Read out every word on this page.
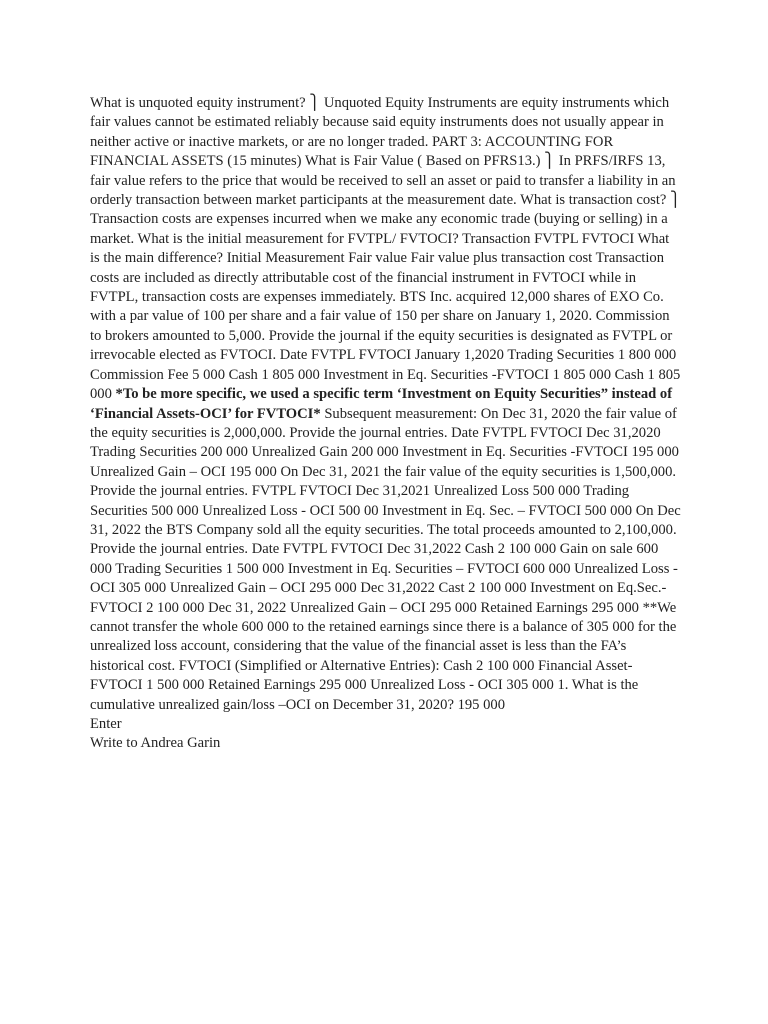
What is unquoted equity instrument? ⎫ Unquoted Equity Instruments are equity instruments which fair values cannot be estimated reliably because said equity instruments does not usually appear in neither active or inactive markets, or are no longer traded. PART 3: ACCOUNTING FOR FINANCIAL ASSETS (15 minutes) What is Fair Value ( Based on PFRS13.) ⎫ In PRFS/IRFS 13, fair value refers to the price that would be received to sell an asset or paid to transfer a liability in an orderly transaction between market participants at the measurement date. What is transaction cost? ⎫ Transaction costs are expenses incurred when we make any economic trade (buying or selling) in a market. What is the initial measurement for FVTPL/ FVTOCI? Transaction FVTPL FVTOCI What is the main difference? Initial Measurement Fair value Fair value plus transaction cost Transaction costs are included as directly attributable cost of the financial instrument in FVTOCI while in FVTPL, transaction costs are expenses immediately. BTS Inc. acquired 12,000 shares of EXO Co. with a par value of 100 per share and a fair value of 150 per share on January 1, 2020. Commission to brokers amounted to 5,000. Provide the journal if the equity securities is designated as FVTPL or irrevocable elected as FVTOCI. Date FVTPL FVTOCI January 1,2020 Trading Securities 1 800 000 Commission Fee 5 000 Cash 1 805 000 Investment in Eq. Securities -FVTOCI 1 805 000 Cash 1 805 000 *To be more specific, we used a specific term ‘Investment on Equity Securities” instead of ‘Financial Assets-OCI’ for FVTOCI* Subsequent measurement: On Dec 31, 2020 the fair value of the equity securities is 2,000,000. Provide the journal entries. Date FVTPL FVTOCI Dec 31,2020 Trading Securities 200 000 Unrealized Gain 200 000 Investment in Eq. Securities -FVTOCI 195 000 Unrealized Gain – OCI 195 000 On Dec 31, 2021 the fair value of the equity securities is 1,500,000. Provide the journal entries. FVTPL FVTOCI Dec 31,2021 Unrealized Loss 500 000 Trading Securities 500 000 Unrealized Loss - OCI 500 00 Investment in Eq. Sec. – FVTOCI 500 000 On Dec 31, 2022 the BTS Company sold all the equity securities. The total proceeds amounted to 2,100,000. Provide the journal entries. Date FVTPL FVTOCI Dec 31,2022 Cash 2 100 000 Gain on sale 600 000 Trading Securities 1 500 000 Investment in Eq. Securities – FVTOCI 600 000 Unrealized Loss - OCI 305 000 Unrealized Gain – OCI 295 000 Dec 31,2022 Cast 2 100 000 Investment on Eq.Sec.-FVTOCI 2 100 000 Dec 31, 2022 Unrealized Gain – OCI 295 000 Retained Earnings 295 000 **We cannot transfer the whole 600 000 to the retained earnings since there is a balance of 305 000 for the unrealized loss account, considering that the value of the financial asset is less than the FA’s historical cost. FVTOCI (Simplified or Alternative Entries): Cash 2 100 000 Financial Asset-FVTOCI 1 500 000 Retained Earnings 295 000 Unrealized Loss - OCI 305 000 1. What is the cumulative unrealized gain/loss –OCI on December 31, 2020? 195 000

Enter

Write to Andrea Garin
